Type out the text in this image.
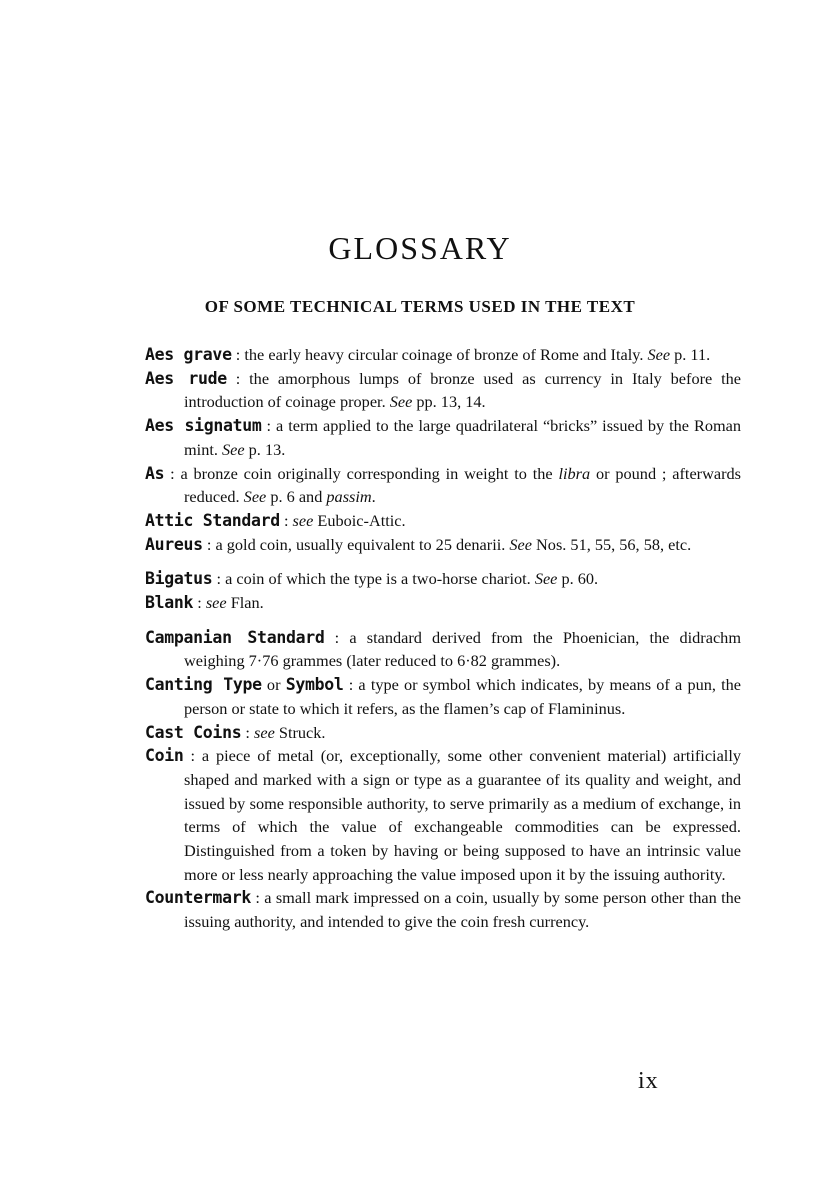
GLOSSARY
OF SOME TECHNICAL TERMS USED IN THE TEXT

Aes grave : the early heavy circular coinage of bronze of Rome and Italy. See p. 11.

Aes rude : the amorphous lumps of bronze used as currency in Italy before the introduction of coinage proper. See pp. 13, 14.

Aes signatum : a term applied to the large quadrilateral “bricks” issued by the Roman mint. See p. 13.

As : a bronze coin originally corresponding in weight to the libra or pound ; afterwards reduced. See p. 6 and passim.

Attic Standard : see Euboic-Attic.

Aureus : a gold coin, usually equivalent to 25 denarii. See Nos. 51, 55, 56, 58, etc.

Bigatus : a coin of which the type is a two-horse chariot. See p. 60.

Blank : see Flan.

Campanian Standard : a standard derived from the Phoenician, the didrachm weighing 7·76 grammes (later reduced to 6·82 grammes).

Canting Type or Symbol : a type or symbol which indicates, by means of a pun, the person or state to which it refers, as the flamen’s cap of Flamininus.

Cast Coins : see Struck.

Coin : a piece of metal (or, exceptionally, some other convenient material) artificially shaped and marked with a sign or type as a guarantee of its quality and weight, and issued by some responsible authority, to serve primarily as a medium of exchange, in terms of which the value of exchangeable commodities can be expressed. Distinguished from a token by having or being supposed to have an intrinsic value more or less nearly approaching the value imposed upon it by the issuing authority.

Countermark : a small mark impressed on a coin, usually by some person other than the issuing authority, and intended to give the coin fresh currency.

ix
